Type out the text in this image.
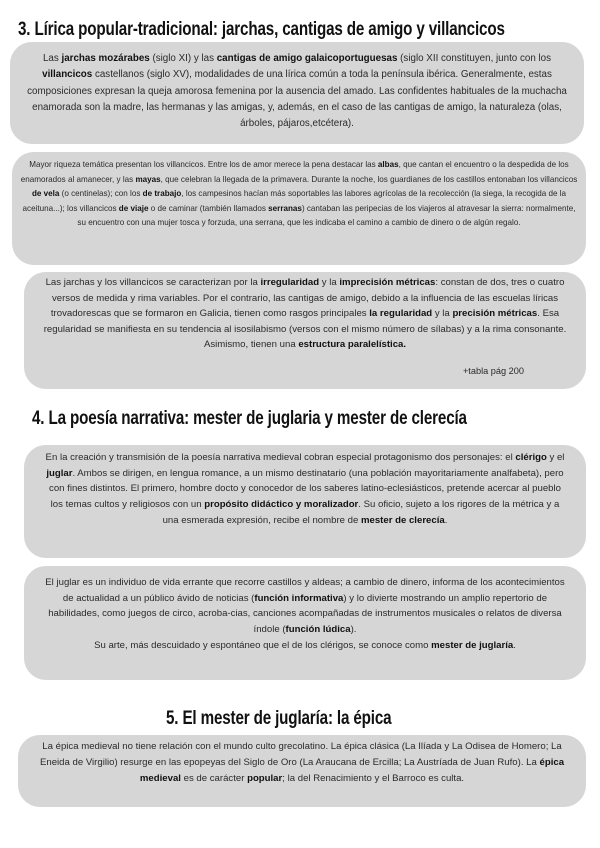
3. Lírica popular-tradicional: jarchas, cantigas de amigo y villancicos

Las jarchas mozárabes (siglo XI) y las cantigas de amigo galaicoportuguesas (siglo XII constituyen, junto con los villancicos castellanos (siglo XV), modalidades de una lírica común a toda la península ibérica. Generalmente, estas composiciones expresan la queja amorosa femenina por la ausencia del amado. Las confidentes habituales de la muchacha enamorada son la madre, las hermanas y las amigas, y, además, en el caso de las cantigas de amigo, la naturaleza (olas, árboles, pájaros,etcétera).

Mayor riqueza temática presentan los villancicos. Entre los de amor merece la pena destacar las albas, que cantan el encuentro o la despedida de los enamorados al amanecer, y las mayas, que celebran la llegada de la primavera. Durante la noche, los guardianes de los castillos entonaban los villancicos de vela (o centinelas); con los de trabajo, los campesinos hacían más soportables las labores agrícolas de la recolección (la siega, la recogida de la aceituna...); los villancicos de viaje o de caminar (también llamados serranas) cantaban las peripecias de los viajeros al atravesar la sierra: normalmente, su encuentro con una mujer tosca y forzuda, una serrana, que les indicaba el camino a cambio de dinero o de algún regalo.

Las jarchas y los villancicos se caracterizan por la irregularidad y la imprecisión métricas: constan de dos, tres o cuatro versos de medida y rima variables. Por el contrario, las cantigas de amigo, debido a la influencia de las escuelas líricas

trovadorescas que se formaron en Galicia, tienen como rasgos principales la regularidad y la precisión métricas. Esa regularidad se manifiesta en su tendencia al isosilabismo (versos con el mismo número de sílabas) y a la rima consonante.

Asimismo, tienen una estructura paralelística.

+tabla pág 200
4. La poesía narrativa: mester de juglaria y mester de clerecía

En la creación y transmisión de la poesía narrativa medieval cobran especial protagonismo dos personajes: el clérigo y el juglar. Ambos se dirigen, en lengua romance, a un mismo destinatario (una población mayoritariamente analfabeta), pero con fines distintos. El primero, hombre docto y conocedor de los saberes latino-eclesiásticos, pretende acercar al pueblo los temas cultos y religiosos con un propósito didáctico y moralizador. Su oficio, sujeto a los rigores de la métrica y a una esmerada expresión, recibe el nombre de mester de clerecía.

El juglar es un individuo de vida errante que recorre castillos y aldeas; a cambio de dinero, informa de los acontecimientos de actualidad a un público ávido de noticias (función informativa) y lo divierte mostrando un amplio repertorio de habilidades, como juegos de circo, acroba-cias, canciones acompañadas de instrumentos musicales o relatos de diversa índole (función lúdica).

Su arte, más descuidado y espontáneo que el de los clérigos, se conoce como mester de juglaría.

5. El mester de juglaría: la épica

La épica medieval no tiene relación con el mundo culto grecolatino. La épica clásica (La Ilíada y La Odisea de Homero; La Eneida de Virgilio) resurge en las epopeyas del Siglo de Oro (La Araucana de Ercilla; La Austríada de Juan Rufo). La épica medieval es de carácter popular; la del Renacimiento y el Barroco es culta.
